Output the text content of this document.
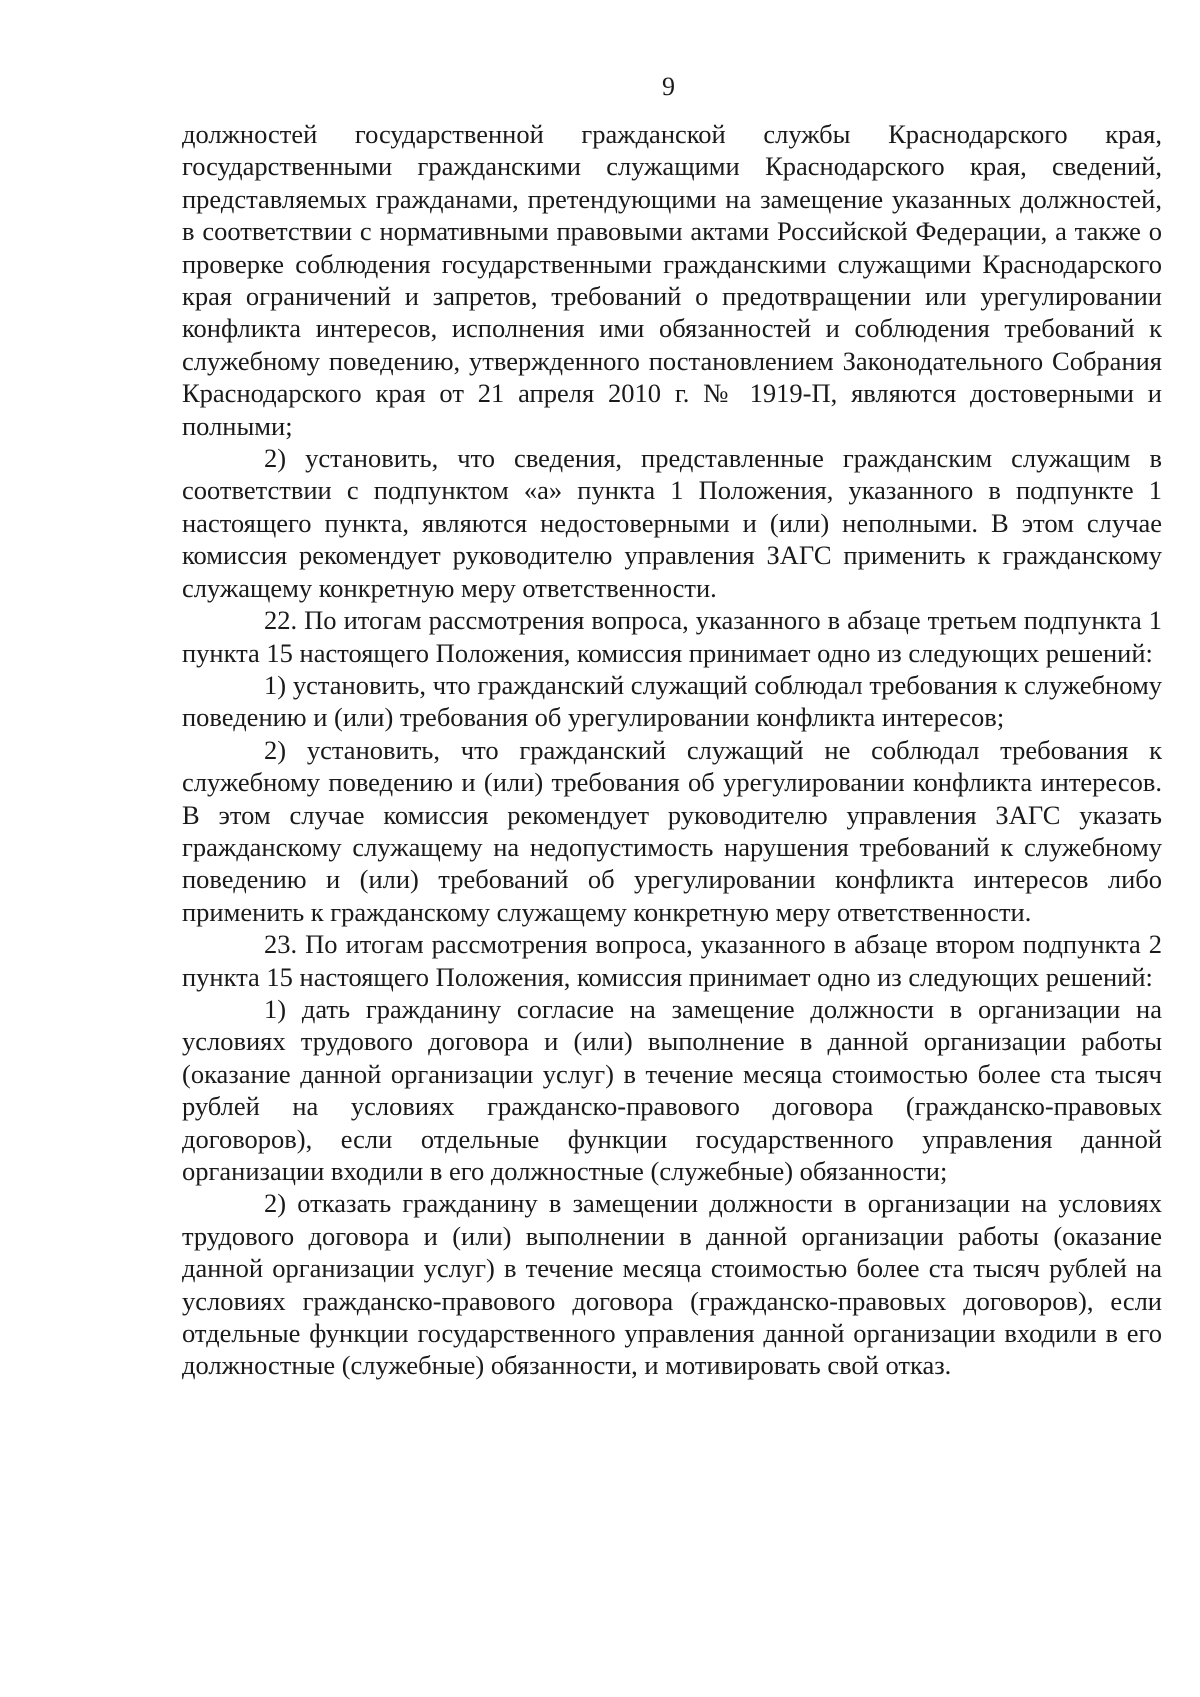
9

должностей государственной гражданской службы Краснодарского края, государственными гражданскими служащими Краснодарского края, сведений, представляемых гражданами, претендующими на замещение указанных должностей, в соответствии с нормативными правовыми актами Российской Федерации, а также о проверке соблюдения государственными гражданскими служащими Краснодарского края ограничений и запретов, требований о предотвращении или урегулировании конфликта интересов, исполнения ими обязанностей и соблюдения требований к служебному поведению, утвержденного постановлением Законодательного Собрания Краснодарского края от 21 апреля 2010 г. № 1919-П, являются достоверными и полными;

2) установить, что сведения, представленные гражданским служащим в соответствии с подпунктом «а» пункта 1 Положения, указанного в подпункте 1 настоящего пункта, являются недостоверными и (или) неполными. В этом случае комиссия рекомендует руководителю управления ЗАГС применить к гражданскому служащему конкретную меру ответственности.

22. По итогам рассмотрения вопроса, указанного в абзаце третьем подпункта 1 пункта 15 настоящего Положения, комиссия принимает одно из следующих решений:

1) установить, что гражданский служащий соблюдал требования к служебному поведению и (или) требования об урегулировании конфликта интересов;

2) установить, что гражданский служащий не соблюдал требования к служебному поведению и (или) требования об урегулировании конфликта интересов. В этом случае комиссия рекомендует руководителю управления ЗАГС указать гражданскому служащему на недопустимость нарушения требований к служебному поведению и (или) требований об урегулировании конфликта интересов либо применить к гражданскому служащему конкретную меру ответственности.

23. По итогам рассмотрения вопроса, указанного в абзаце втором подпункта 2 пункта 15 настоящего Положения, комиссия принимает одно из следующих решений:

1) дать гражданину согласие на замещение должности в организации на условиях трудового договора и (или) выполнение в данной организации работы (оказание данной организации услуг) в течение месяца стоимостью более ста тысяч рублей на условиях гражданско-правового договора (гражданско-правовых договоров), если отдельные функции государственного управления данной организации входили в его должностные (служебные) обязанности;

2) отказать гражданину в замещении должности в организации на условиях трудового договора и (или) выполнении в данной организации работы (оказание данной организации услуг) в течение месяца стоимостью более ста тысяч рублей на условиях гражданско-правового договора (гражданско-правовых договоров), если отдельные функции государственного управления данной организации входили в его должностные (служебные) обязанности, и мотивировать свой отказ.
